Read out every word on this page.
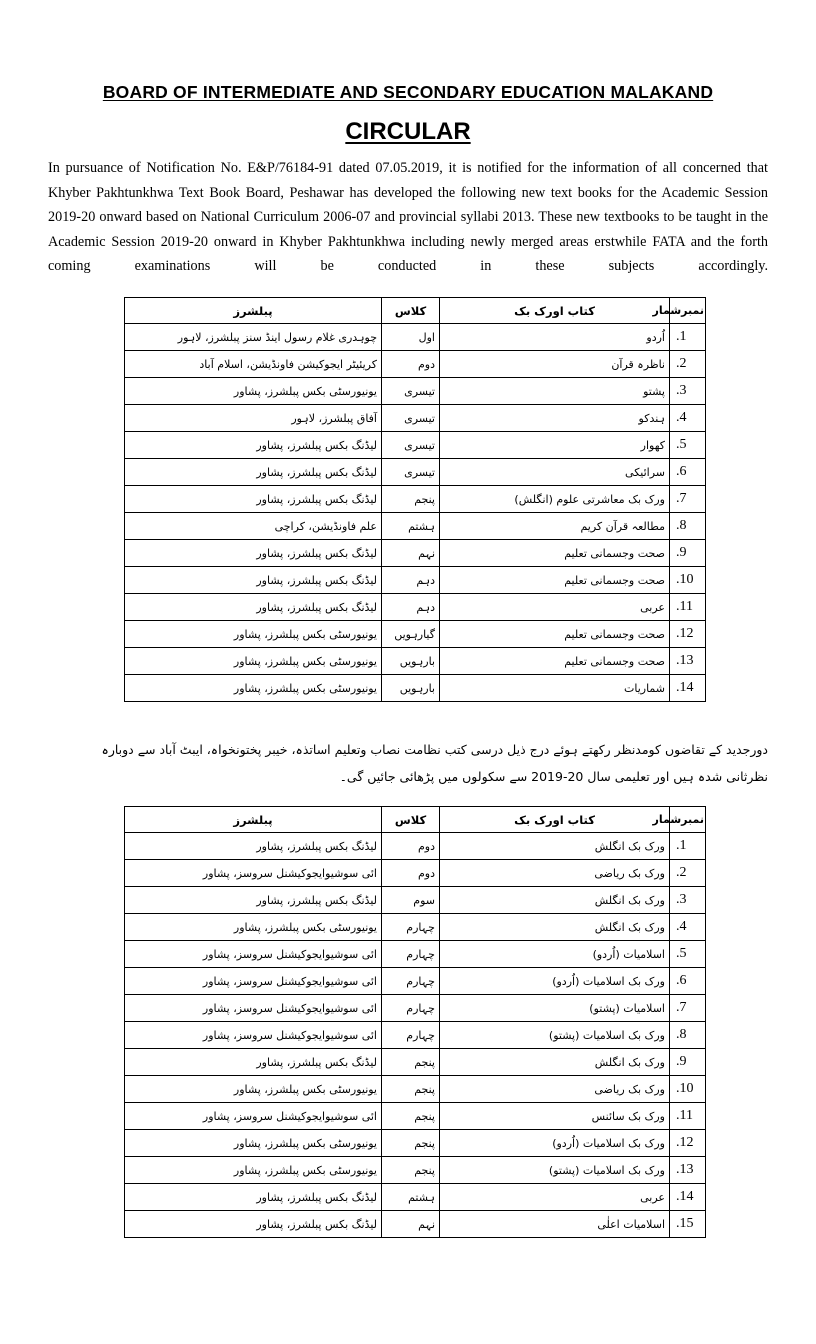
BOARD OF INTERMEDIATE AND SECONDARY EDUCATION MALAKAND
CIRCULAR

In pursuance of Notification No. E&P/76184-91 dated 07.05.2019, it is notified for the information of all concerned that Khyber Pakhtunkhwa Text Book Board, Peshawar has developed the following new text books for the Academic Session 2019-20 onward based on National Curriculum 2006-07 and provincial syllabi 2013. These new textbooks to be taught in the Academic Session 2019-20 onward in Khyber Pakhtunkhwa including newly merged areas erstwhile FATA and the forth coming examinations will be conducted in these subjects accordingly.

نمبرشمار	کتاب اورک بک	کلاس	پبلشرز
1.	اُردو	اول	چوہدری غلام رسول اینڈ سنز پبلشرز، لاہور
2.	ناظرہ قرآن	دوم	کریئیٹر ایجوکیشن فاونڈیشن، اسلام آباد
3.	پشتو	تیسری	یونیورسٹی بکس پبلشرز، پشاور
4.	ہندکو	تیسری	آفاق پبلشرز، لاہور
5.	کھوار	تیسری	لیڈنگ بکس پبلشرز، پشاور
6.	سرائیکی	تیسری	لیڈنگ بکس پبلشرز، پشاور
7.	ورک بک معاشرتی علوم (انگلش)	پنجم	لیڈنگ بکس پبلشرز، پشاور
8.	مطالعہ قرآن کریم	ہشتم	علم فاونڈیشن، کراچی
9.	صحت وجسمانی تعلیم	نہم	لیڈنگ بکس پبلشرز، پشاور
10.	صحت وجسمانی تعلیم	دہم	لیڈنگ بکس پبلشرز، پشاور
11.	عربی	دہم	لیڈنگ بکس پبلشرز، پشاور
12.	صحت وجسمانی تعلیم	گیارہویں	یونیورسٹی بکس پبلشرز، پشاور
13.	صحت وجسمانی تعلیم	بارہویں	یونیورسٹی بکس پبلشرز، پشاور
14.	شماریات	بارہویں	یونیورسٹی بکس پبلشرز، پشاور

دورجدید کے تقاضوں کومدنظر رکھتے ہوئے درج ذیل درسی کتب نظامت نصاب وتعلیم اساتذہ، خیبر پختونخواہ، ایبٹ آباد سے دوبارہ نظرثانی شدہ ہیں اور تعلیمی سال 20-2019 سے سکولوں میں پڑھائی جائیں گی۔

نمبرشمار	کتاب اورک بک	کلاس	پبلشرز
1.	ورک بک انگلش	دوم	لیڈنگ بکس پبلشرز، پشاور
2.	ورک بک ریاضی	دوم	ائی سوشیوایجوکیشنل سروسز، پشاور
3.	ورک بک انگلش	سوم	لیڈنگ بکس پبلشرز، پشاور
4.	ورک بک انگلش	چہارم	یونیورسٹی بکس پبلشرز، پشاور
5.	اسلامیات (اُردو)	چہارم	ائی سوشیوایجوکیشنل سروسز، پشاور
6.	ورک بک اسلامیات (اُردو)	چہارم	ائی سوشیوایجوکیشنل سروسز، پشاور
7.	اسلامیات (پشتو)	چہارم	ائی سوشیوایجوکیشنل سروسز، پشاور
8.	ورک بک اسلامیات (پشتو)	چہارم	ائی سوشیوایجوکیشنل سروسز، پشاور
9.	ورک بک انگلش	پنجم	لیڈنگ بکس پبلشرز، پشاور
10.	ورک بک ریاضی	پنجم	یونیورسٹی بکس پبلشرز، پشاور
11.	ورک بک سائنس	پنجم	ائی سوشیوایجوکیشنل سروسز، پشاور
12.	ورک بک اسلامیات (اُردو)	پنجم	یونیورسٹی بکس پبلشرز، پشاور
13.	ورک بک اسلامیات (پشتو)	پنجم	یونیورسٹی بکس پبلشرز، پشاور
14.	عربی	ہشتم	لیڈنگ بکس پبلشرز، پشاور
15.	اسلامیات اعلٰی	نہم	لیڈنگ بکس پبلشرز، پشاور
